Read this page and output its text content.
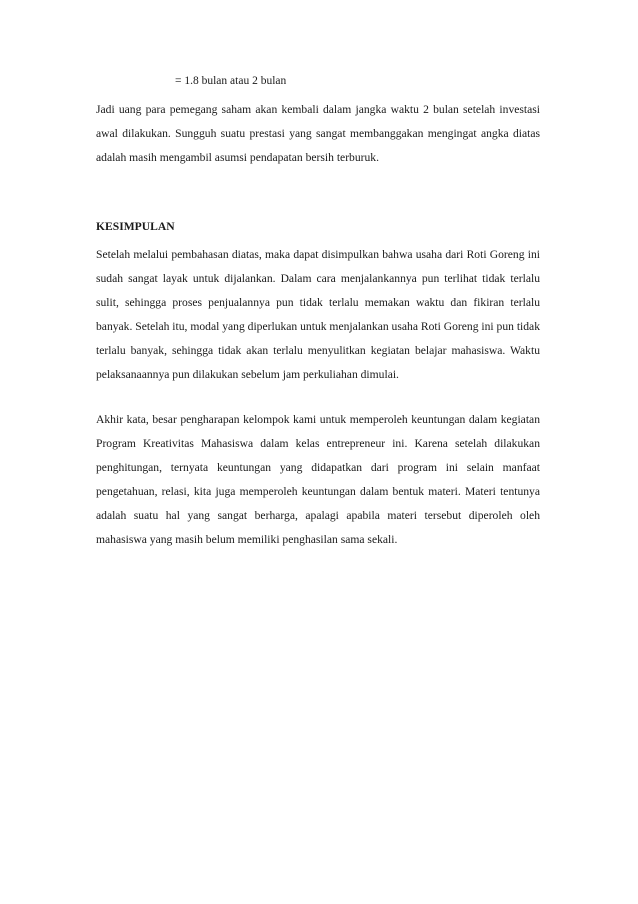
= 1.8 bulan atau 2 bulan

Jadi uang para pemegang saham akan kembali dalam jangka waktu 2 bulan setelah investasi awal dilakukan. Sungguh suatu prestasi yang sangat membanggakan mengingat angka diatas adalah masih mengambil asumsi pendapatan bersih terburuk.

KESIMPULAN

Setelah melalui pembahasan diatas, maka dapat disimpulkan bahwa usaha dari Roti Goreng ini sudah sangat layak untuk dijalankan. Dalam cara menjalankannya pun terlihat tidak terlalu sulit, sehingga proses penjualannya pun tidak terlalu memakan waktu dan fikiran terlalu banyak. Setelah itu, modal yang diperlukan untuk menjalankan usaha Roti Goreng ini pun tidak terlalu banyak, sehingga tidak akan terlalu menyulitkan kegiatan belajar mahasiswa. Waktu pelaksanaannya pun dilakukan sebelum jam perkuliahan dimulai.

Akhir kata, besar pengharapan kelompok kami untuk memperoleh keuntungan dalam kegiatan Program Kreativitas Mahasiswa dalam kelas entrepreneur ini. Karena setelah dilakukan penghitungan, ternyata keuntungan yang didapatkan dari program ini selain manfaat pengetahuan, relasi, kita juga memperoleh keuntungan dalam bentuk materi. Materi tentunya adalah suatu hal yang sangat berharga, apalagi apabila materi tersebut diperoleh oleh mahasiswa yang masih belum memiliki penghasilan sama sekali.
